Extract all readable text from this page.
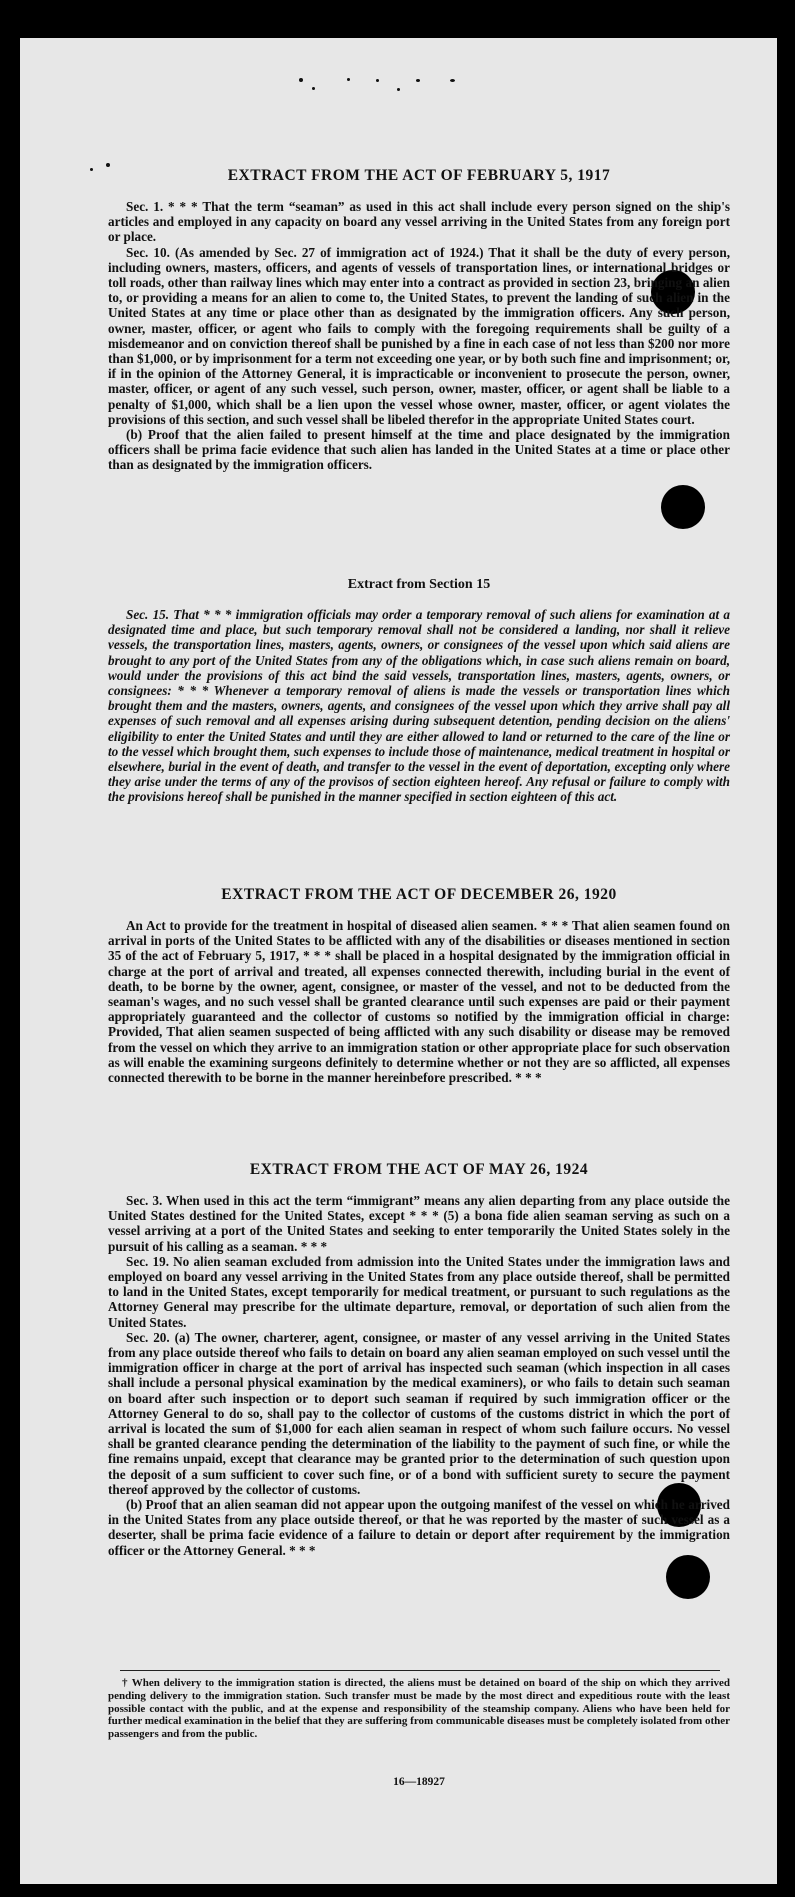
EXTRACT FROM THE ACT OF FEBRUARY 5, 1917

Sec. 1. * * * That the term “seaman” as used in this act shall include every person signed on the ship's articles and employed in any capacity on board any vessel arriving in the United States from any foreign port or place.

Sec. 10. (As amended by Sec. 27 of immigration act of 1924.) That it shall be the duty of every person, including owners, masters, officers, and agents of vessels of transportation lines, or international bridges or toll roads, other than railway lines which may enter into a contract as provided in section 23, bringing an alien to, or providing a means for an alien to come to, the United States, to prevent the landing of such alien in the United States at any time or place other than as designated by the immigration officers. Any such person, owner, master, officer, or agent who fails to comply with the foregoing requirements shall be guilty of a misdemeanor and on conviction thereof shall be punished by a fine in each case of not less than $200 nor more than $1,000, or by imprisonment for a term not exceeding one year, or by both such fine and imprisonment; or, if in the opinion of the Attorney General, it is impracticable or inconvenient to prosecute the person, owner, master, officer, or agent of any such vessel, such person, owner, master, officer, or agent shall be liable to a penalty of $1,000, which shall be a lien upon the vessel whose owner, master, officer, or agent violates the provisions of this section, and such vessel shall be libeled therefor in the appropriate United States court.

(b) Proof that the alien failed to present himself at the time and place designated by the immigration officers shall be prima facie evidence that such alien has landed in the United States at a time or place other than as designated by the immigration officers.

Extract from Section 15

Sec. 15. That * * * immigration officials may order a temporary removal of such aliens for examination at a designated time and place, but such temporary removal shall not be considered a landing, nor shall it relieve vessels, the transportation lines, masters, agents, owners, or consignees of the vessel upon which said aliens are brought to any port of the United States from any of the obligations which, in case such aliens remain on board, would under the provisions of this act bind the said vessels, transportation lines, masters, agents, owners, or consignees: * * * Whenever a temporary removal of aliens is made the vessels or transportation lines which brought them and the masters, owners, agents, and consignees of the vessel upon which they arrive shall pay all expenses of such removal and all expenses arising during subsequent detention, pending decision on the aliens' eligibility to enter the United States and until they are either allowed to land or returned to the care of the line or to the vessel which brought them, such expenses to include those of maintenance, medical treatment in hospital or elsewhere, burial in the event of death, and transfer to the vessel in the event of deportation, excepting only where they arise under the terms of any of the provisos of section eighteen hereof. Any refusal or failure to comply with the provisions hereof shall be punished in the manner specified in section eighteen of this act.

EXTRACT FROM THE ACT OF DECEMBER 26, 1920

An Act to provide for the treatment in hospital of diseased alien seamen. * * * That alien seamen found on arrival in ports of the United States to be afflicted with any of the disabilities or diseases mentioned in section 35 of the act of February 5, 1917, * * * shall be placed in a hospital designated by the immigration official in charge at the port of arrival and treated, all expenses connected therewith, including burial in the event of death, to be borne by the owner, agent, consignee, or master of the vessel, and not to be deducted from the seaman's wages, and no such vessel shall be granted clearance until such expenses are paid or their payment appropriately guaranteed and the collector of customs so notified by the immigration official in charge: Provided, That alien seamen suspected of being afflicted with any such disability or disease may be removed from the vessel on which they arrive to an immigration station or other appropriate place for such observation as will enable the examining surgeons definitely to determine whether or not they are so afflicted, all expenses connected therewith to be borne in the manner hereinbefore prescribed. * * *

EXTRACT FROM THE ACT OF MAY 26, 1924

Sec. 3. When used in this act the term “immigrant” means any alien departing from any place outside the United States destined for the United States, except * * * (5) a bona fide alien seaman serving as such on a vessel arriving at a port of the United States and seeking to enter temporarily the United States solely in the pursuit of his calling as a seaman. * * *

Sec. 19. No alien seaman excluded from admission into the United States under the immigration laws and employed on board any vessel arriving in the United States from any place outside thereof, shall be permitted to land in the United States, except temporarily for medical treatment, or pursuant to such regulations as the Attorney General may prescribe for the ultimate departure, removal, or deportation of such alien from the United States.

Sec. 20. (a) The owner, charterer, agent, consignee, or master of any vessel arriving in the United States from any place outside thereof who fails to detain on board any alien seaman employed on such vessel until the immigration officer in charge at the port of arrival has inspected such seaman (which inspection in all cases shall include a personal physical examination by the medical examiners), or who fails to detain such seaman on board after such inspection or to deport such seaman if required by such immigration officer or the Attorney General to do so, shall pay to the collector of customs of the customs district in which the port of arrival is located the sum of $1,000 for each alien seaman in respect of whom such failure occurs. No vessel shall be granted clearance pending the determination of the liability to the payment of such fine, or while the fine remains unpaid, except that clearance may be granted prior to the determination of such question upon the deposit of a sum sufficient to cover such fine, or of a bond with sufficient surety to secure the payment thereof approved by the collector of customs.

(b) Proof that an alien seaman did not appear upon the outgoing manifest of the vessel on which he arrived in the United States from any place outside thereof, or that he was reported by the master of such vessel as a deserter, shall be prima facie evidence of a failure to detain or deport after requirement by the immigration officer or the Attorney General. * * *

† When delivery to the immigration station is directed, the aliens must be detained on board of the ship on which they arrived pending delivery to the immigration station. Such transfer must be made by the most direct and expeditious route with the least possible contact with the public, and at the expense and responsibility of the steamship company. Aliens who have been held for further medical examination in the belief that they are suffering from communicable diseases must be completely isolated from other passengers and from the public.

16—18927
